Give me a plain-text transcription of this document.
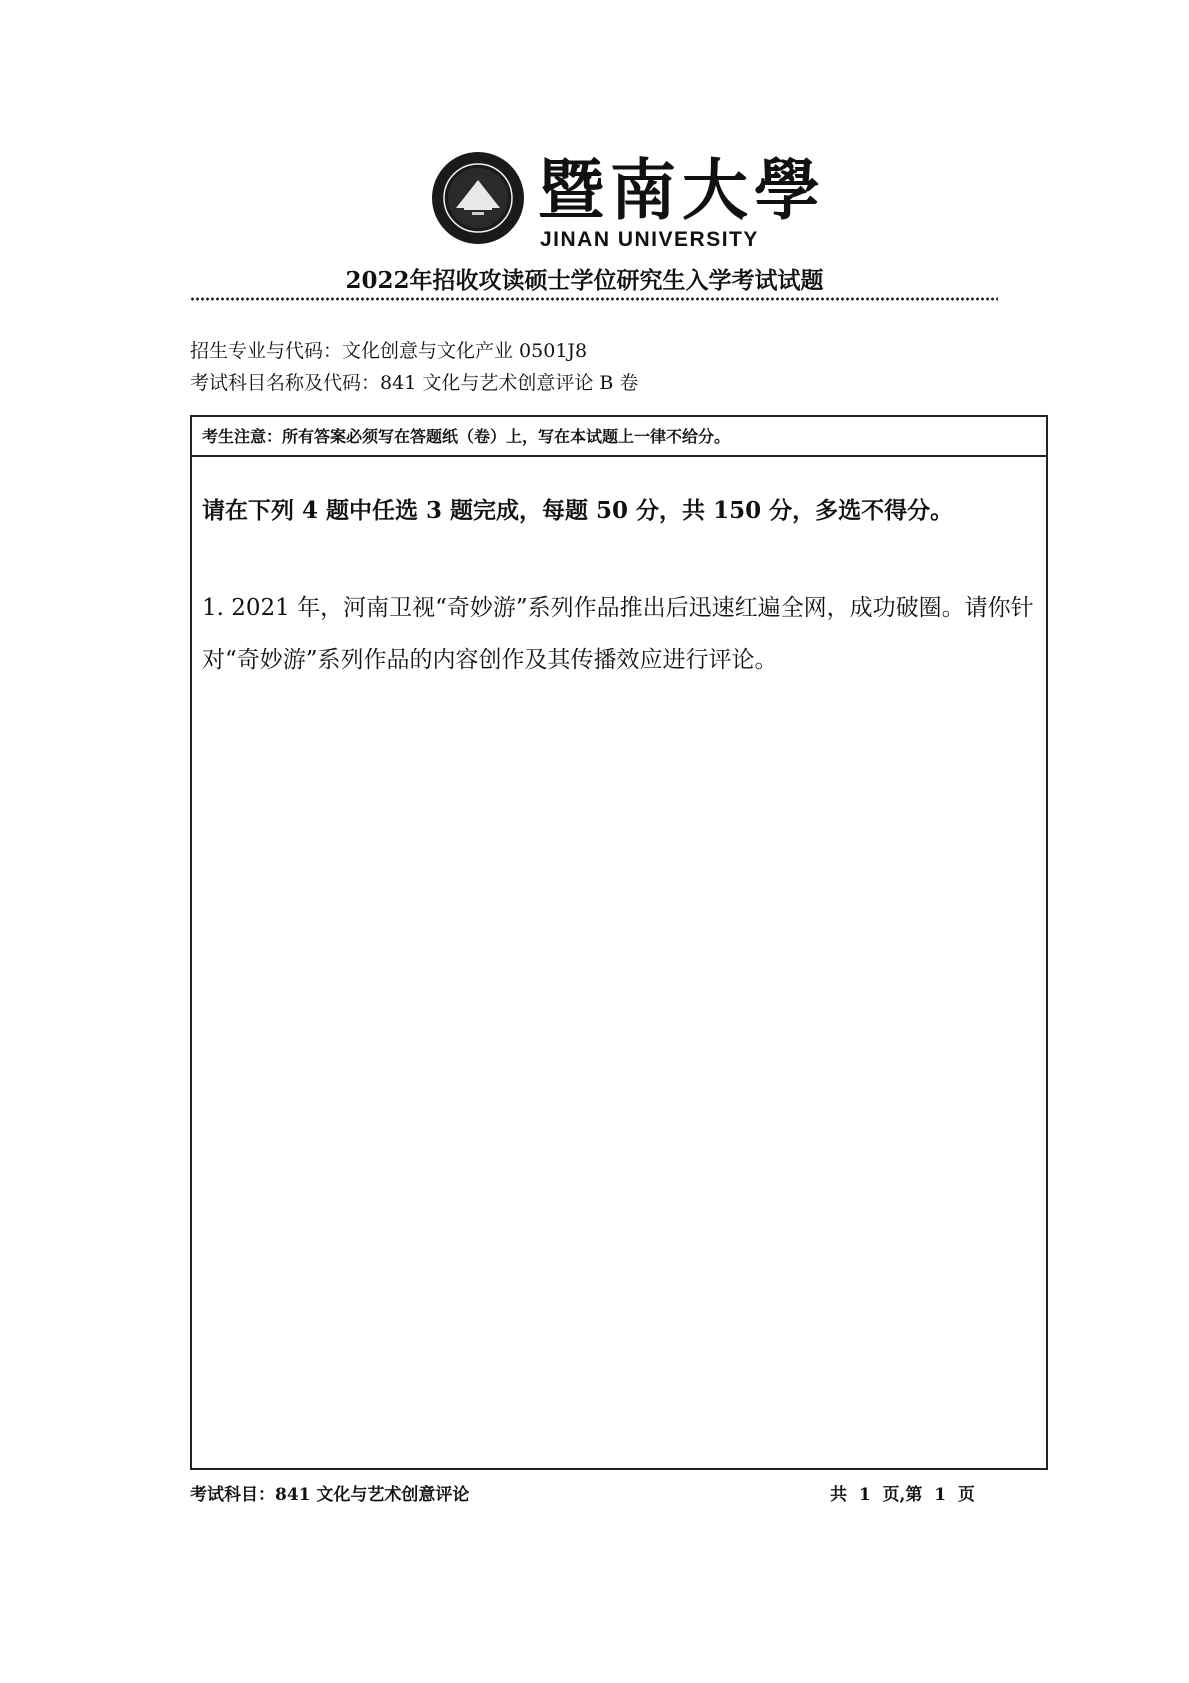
暨南大學
JINAN UNIVERSITY
2022年招收攻读硕士学位研究生入学考试试题
招生专业与代码：文化创意与文化产业 0501J8
考试科目名称及代码：841 文化与艺术创意评论 B 卷
考生注意：所有答案必须写在答题纸（卷）上，写在本试题上一律不给分。
请在下列 4 题中任选 3 题完成，每题 50 分，共 150 分，多选不得分。
1. 2021 年，河南卫视“奇妙游”系列作品推出后迅速红遍全网，成功破圈。请你针对“奇妙游”系列作品的内容创作及其传播效应进行评论。
考试科目：841 文化与艺术创意评论	共  1  页,第  1  页
